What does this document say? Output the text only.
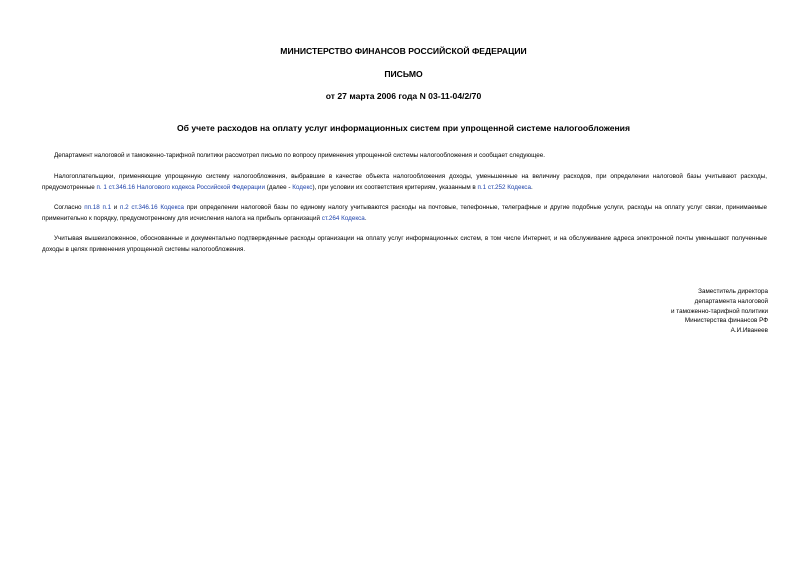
МИНИСТЕРСТВО ФИНАНСОВ РОССИЙСКОЙ ФЕДЕРАЦИИ
ПИСЬМО
от 27 марта 2006 года N 03-11-04/2/70
Об учете расходов на оплату услуг информационных систем при упрощенной системе налогообложения

Департамент налоговой и таможенно-тарифной политики рассмотрел письмо по вопросу применения упрощенной системы налогообложения и сообщает следующее.

Налогоплательщики, применяющие упрощенную систему налогообложения, выбравшие в качестве объекта налогообложения доходы, уменьшенные на величину расходов, при определении налоговой базы учитывают расходы, предусмотренные п. 1 ст.346.16 Налогового кодекса Российской Федерации (далее - Кодекс), при условии их соответствия критериям, указанным в п.1 ст.252 Кодекса.

Согласно пп.18 п.1 и п.2 ст.346.16 Кодекса при определении налоговой базы по единому налогу учитываются расходы на почтовые, телефонные, телеграфные и другие подобные услуги, расходы на оплату услуг связи, принимаемые применительно к порядку, предусмотренному для исчисления налога на прибыль организаций ст.264 Кодекса.

Учитывая вышеизложенное, обоснованные и документально подтвержденные расходы организации на оплату услуг информационных систем, в том числе Интернет, и на обслуживание адреса электронной почты уменьшают полученные доходы в целях применения упрощенной системы налогообложения.

Заместитель директора
департамента налоговой
и таможенно-тарифной политики
Министерства финансов РФ
А.И.Иванеев
